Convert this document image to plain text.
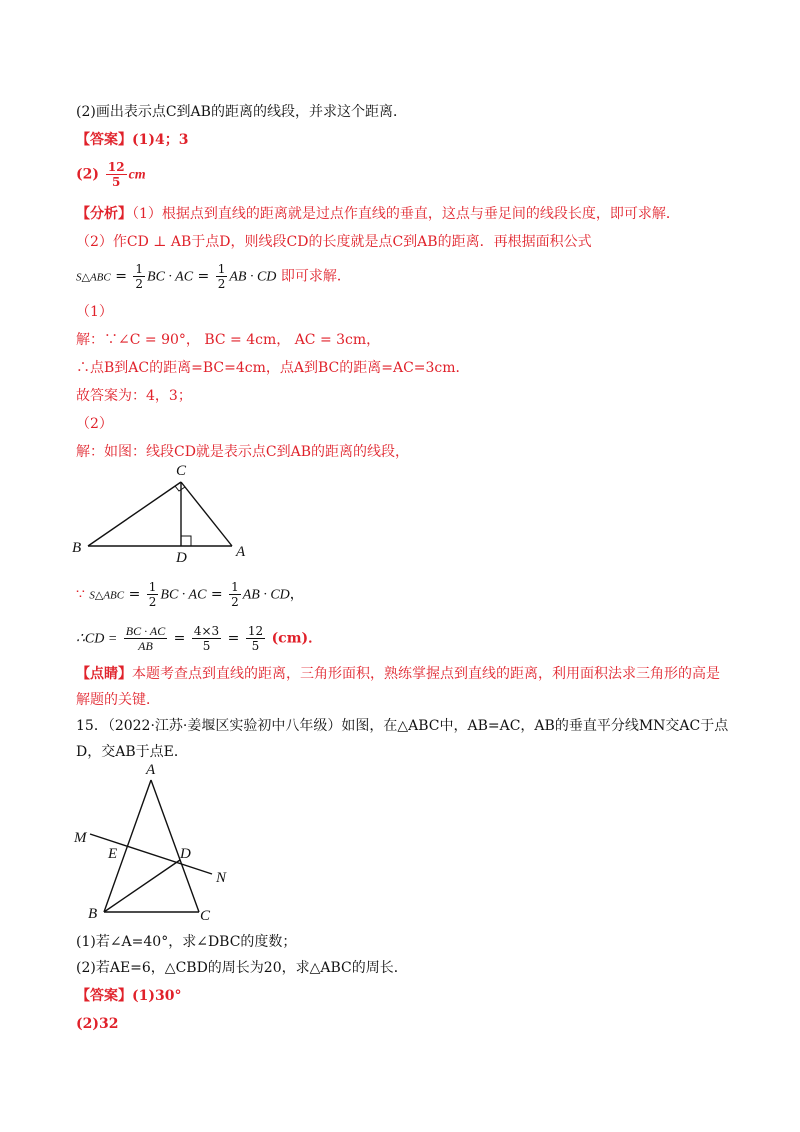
(2)画出表示点C到AB的距离的线段，并求这个距离．
【答案】(1)4；3
$(2) \frac{12}{5}$ cm
【分析】（1）根据点到直线的距离就是过点作直线的垂直，这点与垂足间的线段长度，即可求解．
（2）作CD ⊥ AB于点D，则线段CD的长度就是点C到AB的距离．再根据面积公式
S△ABC = $\frac{1}{2}$ BC · AC = $\frac{1}{2}$ AB · CD 即可求解．
（1）
解：∵∠C = 90°， BC = 4cm， AC = 3cm，
∴点B到AC的距离=BC=4cm，点A到BC的距离=AC=3cm．
故答案为：4，3；
（2）
解：如图：线段CD就是表示点C到AB的距离的线段，
C
B
D	A
∵ S△ABC = $\frac{1}{2}$ BC · AC = $\frac{1}{2}$ AB · CD，
∴CD = $\frac{BC \cdot AC}{AB} = \frac{4\times 3}{5} = \frac{12}{5} (cm)$．
【点睛】本题考查点到直线的距离，三角形面积，熟练掌握点到直线的距离，利用面积法求三角形的高是
解题的关键．
15．（2022·江苏·姜堰区实验初中八年级）如图，在△ABC中，AB=AC，AB的垂直平分线MN交AC于点
D，交AB于点E．
A
M
E	D
N
B	C
(1)若∠A=40°，求∠DBC的度数；
(2)若AE=6，△CBD的周长为20，求△ABC的周长．
【答案】(1)30°
(2)32
